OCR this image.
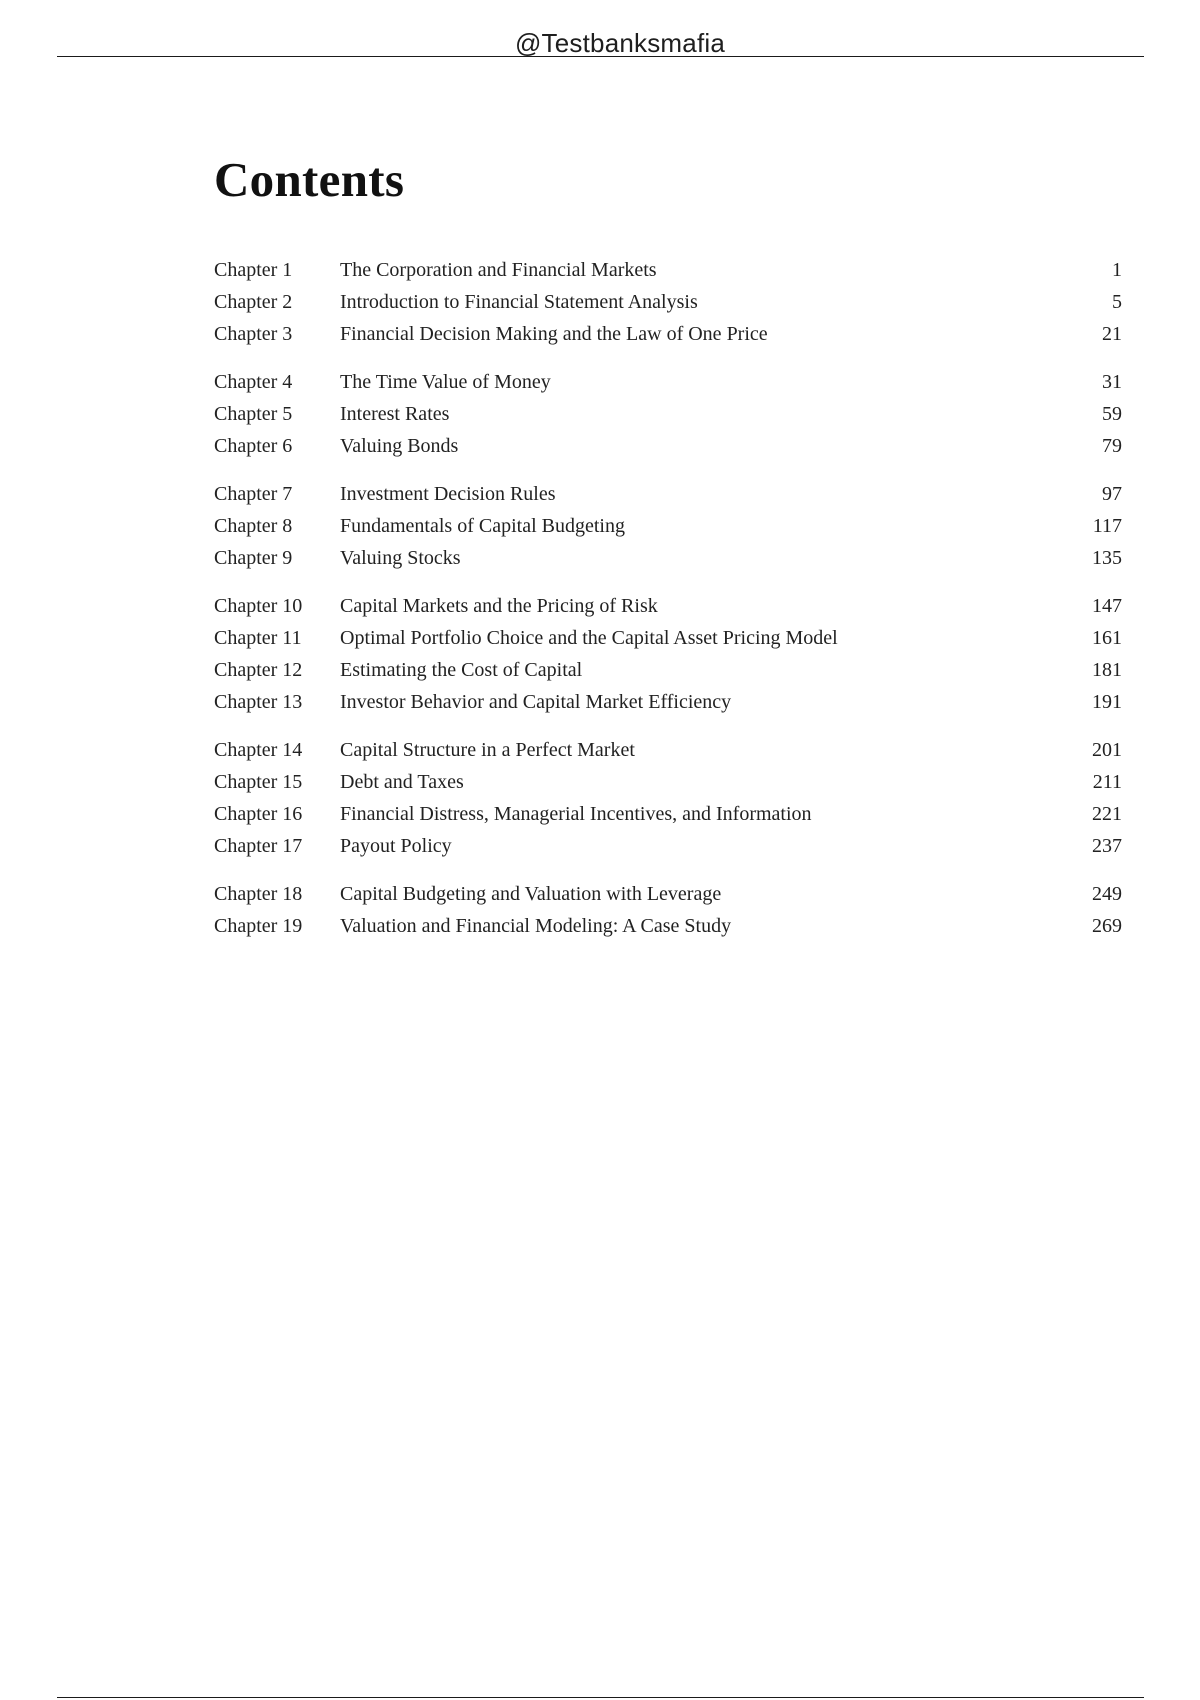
@Testbanksmafia
Contents
Chapter 1 The Corporation and Financial Markets	1
Chapter 2 Introduction to Financial Statement Analysis	5
Chapter 3 Financial Decision Making and the Law of One Price	21
Chapter 4 The Time Value of Money	31
Chapter 5 Interest Rates	59
Chapter 6 Valuing Bonds	79
Chapter 7 Investment Decision Rules	97
Chapter 8 Fundamentals of Capital Budgeting	117
Chapter 9 Valuing Stocks	135
Chapter 10 Capital Markets and the Pricing of Risk	147
Chapter 11 Optimal Portfolio Choice and the Capital Asset Pricing Model	161
Chapter 12 Estimating the Cost of Capital	181
Chapter 13 Investor Behavior and Capital Market Efficiency	191
Chapter 14 Capital Structure in a Perfect Market	201
Chapter 15 Debt and Taxes	211
Chapter 16 Financial Distress, Managerial Incentives, and Information	221
Chapter 17 Payout Policy	237
Chapter 18 Capital Budgeting and Valuation with Leverage	249
Chapter 19 Valuation and Financial Modeling: A Case Study	269
